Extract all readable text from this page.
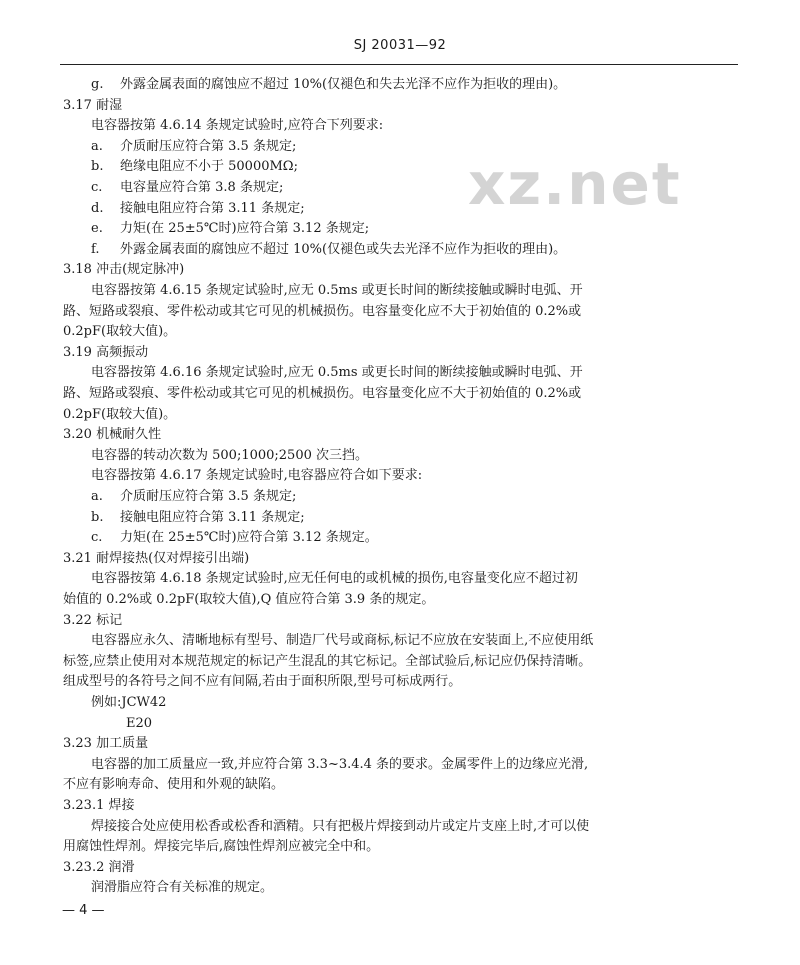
SJ 20031—92
xz.net
g. 外露金属表面的腐蚀应不超过 10%(仅褪色和失去光泽不应作为拒收的理由)。
3.17 耐湿
电容器按第 4.6.14 条规定试验时,应符合下列要求:
a. 介质耐压应符合第 3.5 条规定;
b. 绝缘电阻应不小于 50000MΩ;
c. 电容量应符合第 3.8 条规定;
d. 接触电阻应符合第 3.11 条规定;
e. 力矩(在 25±5℃时)应符合第 3.12 条规定;
f. 外露金属表面的腐蚀应不超过 10%(仅褪色或失去光泽不应作为拒收的理由)。
3.18 冲击(规定脉冲)
电容器按第 4.6.15 条规定试验时,应无 0.5ms 或更长时间的断续接触或瞬时电弧、开
路、短路或裂痕、零件松动或其它可见的机械损伤。电容量变化应不大于初始值的 0.2%或
0.2pF(取较大值)。
3.19 高频振动
电容器按第 4.6.16 条规定试验时,应无 0.5ms 或更长时间的断续接触或瞬时电弧、开
路、短路或裂痕、零件松动或其它可见的机械损伤。电容量变化应不大于初始值的 0.2%或
0.2pF(取较大值)。
3.20 机械耐久性
电容器的转动次数为 500;1000;2500 次三挡。
电容器按第 4.6.17 条规定试验时,电容器应符合如下要求:
a. 介质耐压应符合第 3.5 条规定;
b. 接触电阻应符合第 3.11 条规定;
c. 力矩(在 25±5℃时)应符合第 3.12 条规定。
3.21 耐焊接热(仅对焊接引出端)
电容器按第 4.6.18 条规定试验时,应无任何电的或机械的损伤,电容量变化应不超过初
始值的 0.2%或 0.2pF(取较大值),Q 值应符合第 3.9 条的规定。
3.22 标记
电容器应永久、清晰地标有型号、制造厂代号或商标,标记不应放在安装面上,不应使用纸
标签,应禁止使用对本规范规定的标记产生混乱的其它标记。全部试验后,标记应仍保持清晰。
组成型号的各符号之间不应有间隔,若由于面积所限,型号可标成两行。
例如:JCW42
E20
3.23 加工质量
电容器的加工质量应一致,并应符合第 3.3~3.4.4 条的要求。金属零件上的边缘应光滑,
不应有影响寿命、使用和外观的缺陷。
3.23.1 焊接
焊接接合处应使用松香或松香和酒精。只有把极片焊接到动片或定片支座上时,才可以使
用腐蚀性焊剂。焊接完毕后,腐蚀性焊剂应被完全中和。
3.23.2 润滑
润滑脂应符合有关标准的规定。
— 4 —
